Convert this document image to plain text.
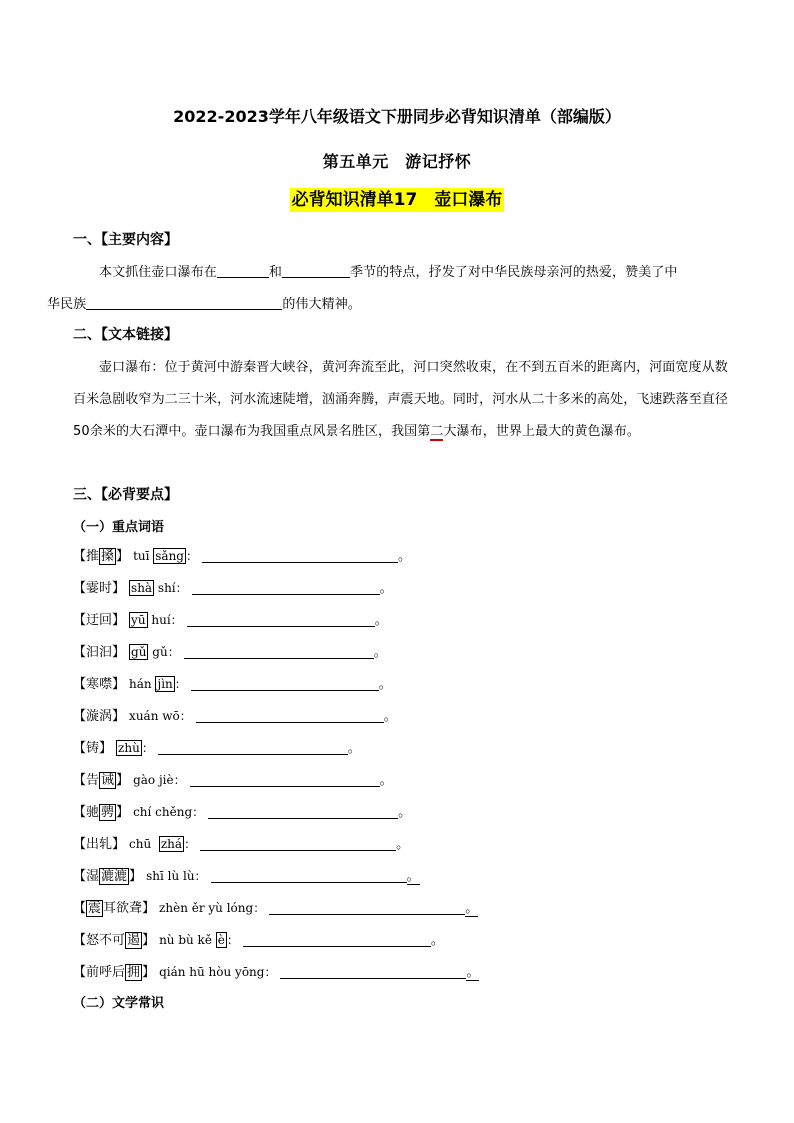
2022-2023学年八年级语文下册同步必背知识清单（部编版）
第五单元　游记抒怀
必背知识清单17　壶口瀑布
一、【主要内容】
本文抓住壶口瀑布在	和	季节的特点，抒发了对中华民族母亲河的热爱，赞美了中
华民族	的伟大精神。
二、【文本链接】
壶口瀑布：位于黄河中游秦晋大峡谷，黄河奔流至此，河口突然收束，在不到五百米的距离内，河面宽度从数百米急剧收窄为二三十米，河水流速陡增，汹涌奔腾，声震天地。同时，河水从二十多米的高处，飞速跌落至直径50余米的大石潭中。壶口瀑布为我国重点风景名胜区，我国第二大瀑布，世界上最大的黄色瀑布。
三、【必背要点】
（一）重点词语
【推 搡 】 tuī sǎng ：	。
【霎时】 shà shí：	。
【迂回】 yū huí：	。
【汩汩】 gǔ gǔ：	。
【寒噤】 hán jìn ：	。
【漩涡】 xuán wō：	。
【铸】 zhù ：	。
【告 诫 】 gào jiè：	。
【驰 骋 】 chí chěng：	。
【出轧】 chū  zhá ：	。
【湿 漉漉 】 shī lù lù：	。
【 震 耳欲聋】 zhèn ěr yù lóng：	。
【怒不可 遏 】 nù bù kě è ：	。
【前呼后 拥 】 qián hū hòu yōng：	。
（二）文学常识
